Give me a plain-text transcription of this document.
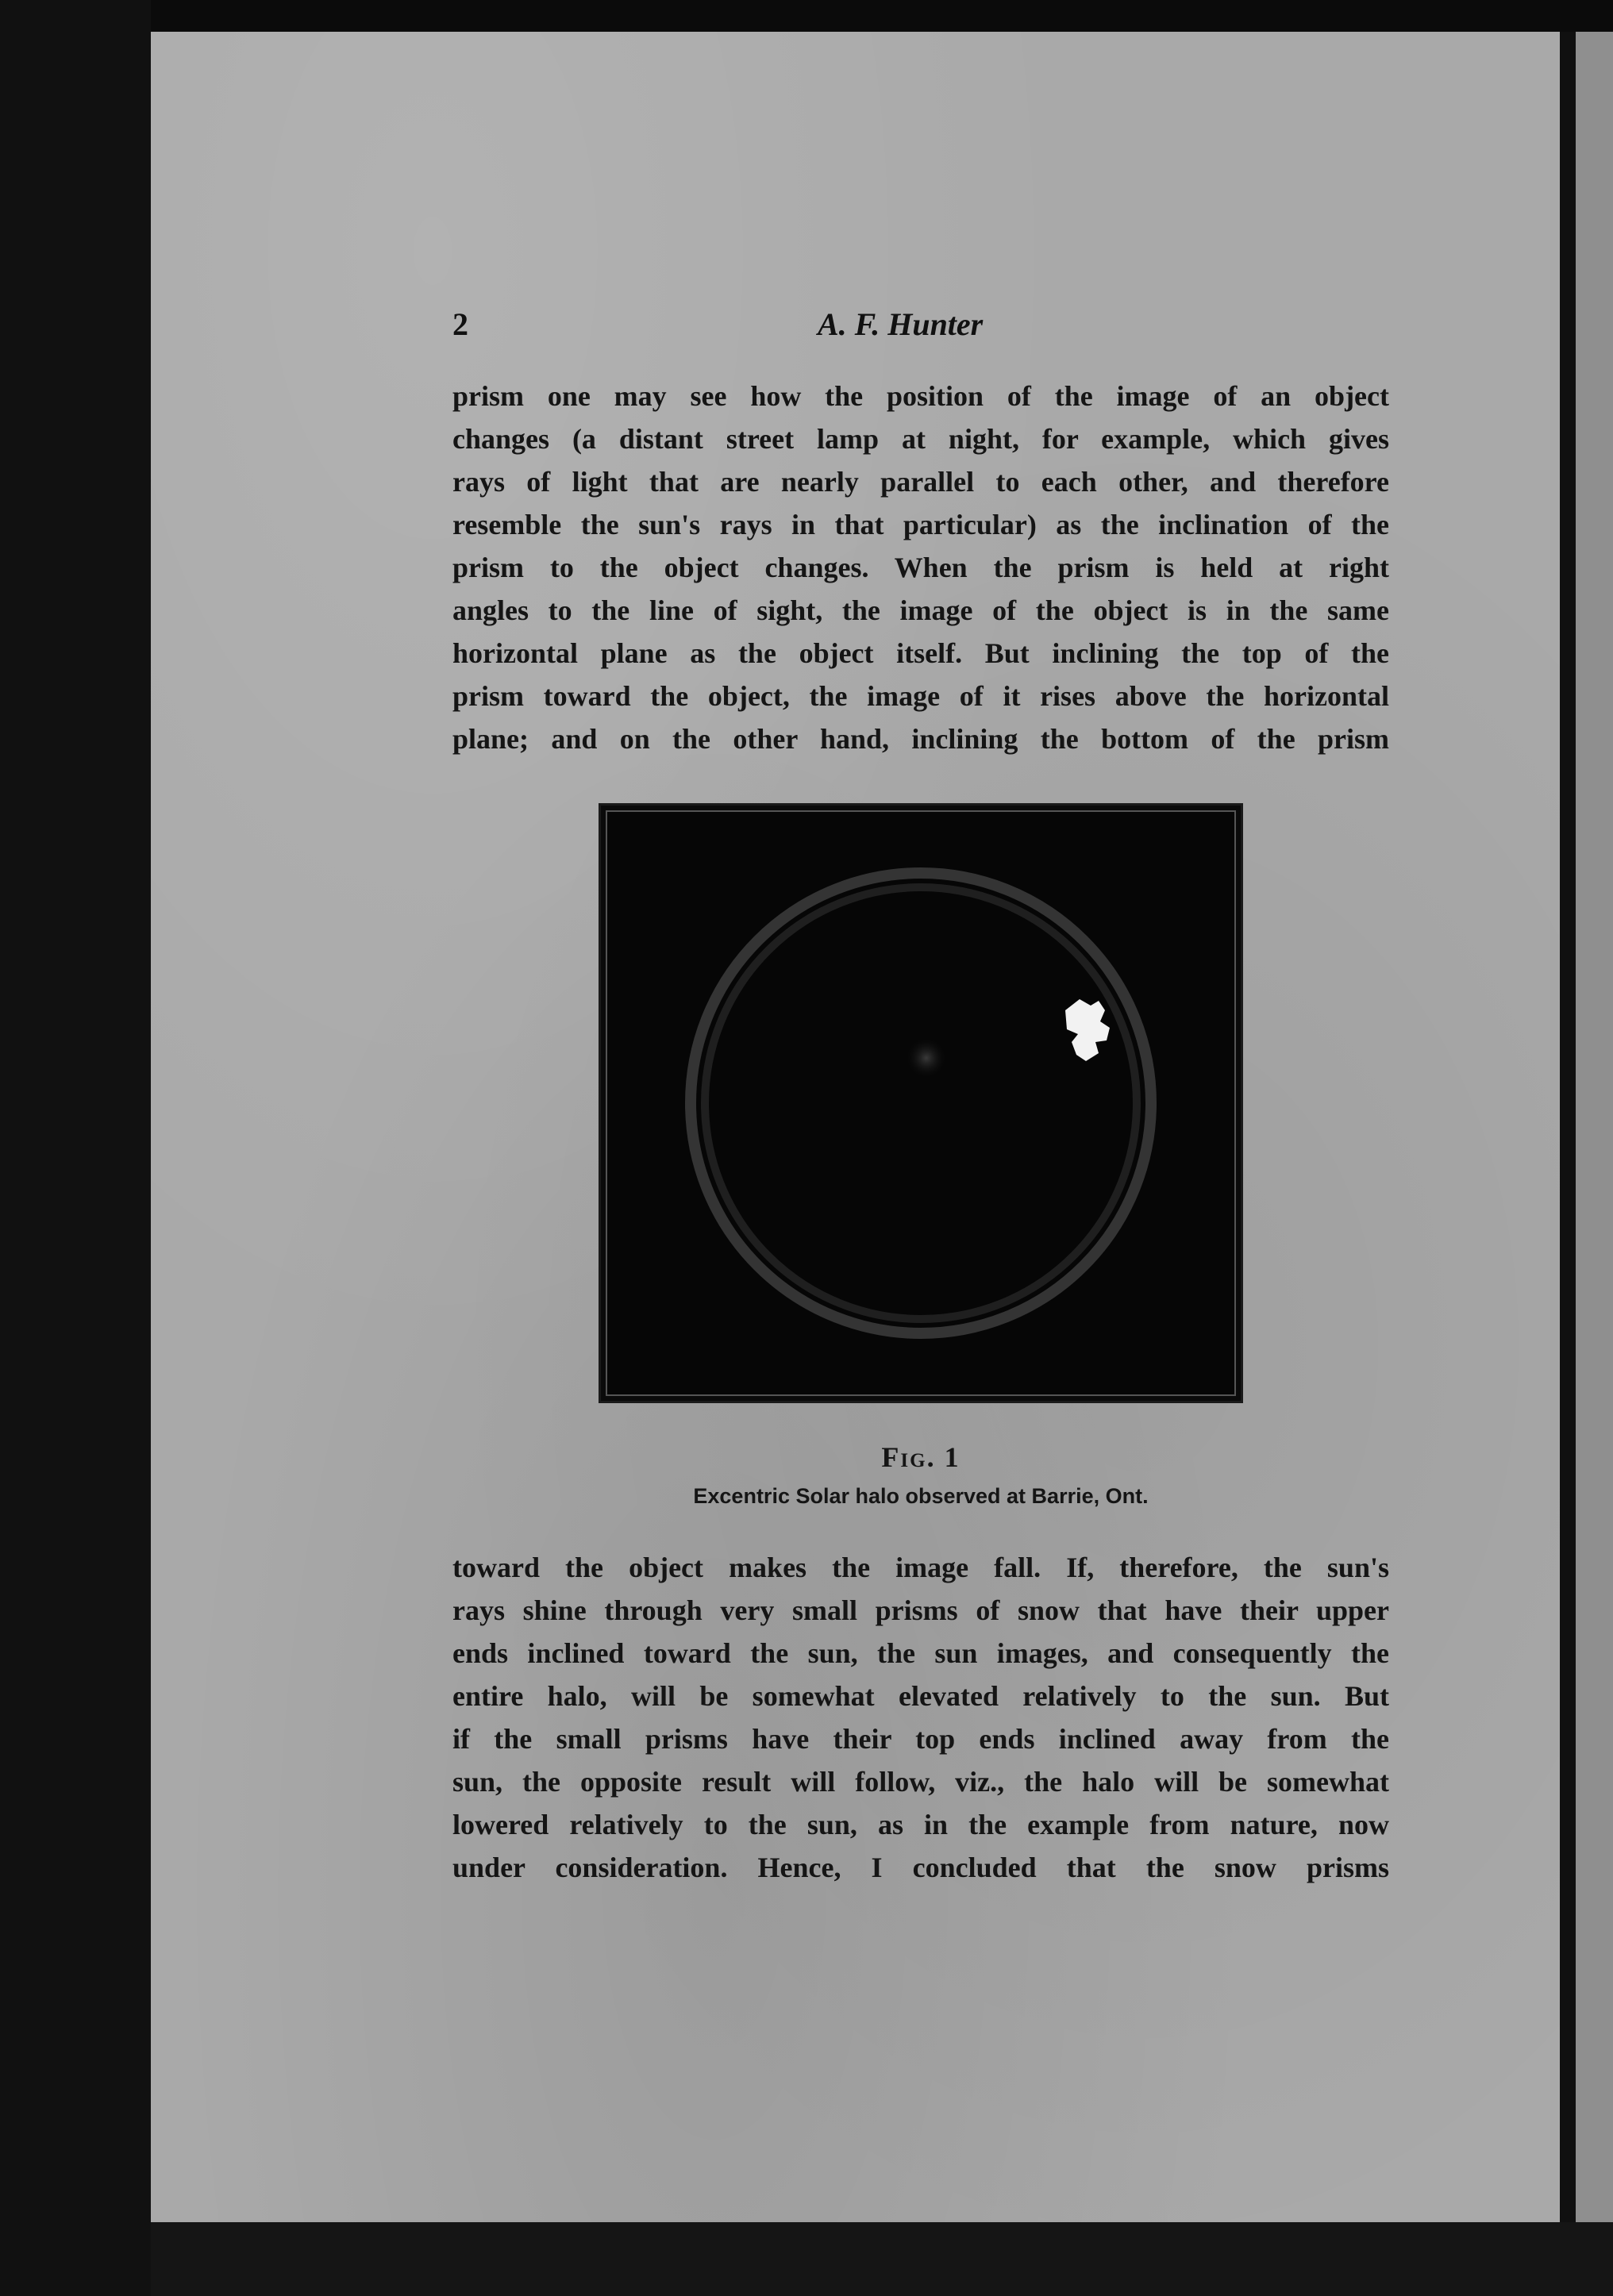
2	A. F. Hunter
prism one may see how the position of the image of an object
changes (a distant street lamp at night, for example, which gives
rays of light that are nearly parallel to each other, and therefore
resemble the sun's rays in that particular) as the inclination of the
prism to the object changes. When the prism is held at right
angles to the line of sight, the image of the object is in the same
horizontal plane as the object itself. But inclining the top of the
prism toward the object, the image of it rises above the horizontal
plane; and on the other hand, inclining the bottom of the prism
Fig. 1
Excentric Solar halo observed at Barrie, Ont.
toward the object makes the image fall. If, therefore, the sun's
rays shine through very small prisms of snow that have their upper
ends inclined toward the sun, the sun images, and consequently the
entire halo, will be somewhat elevated relatively to the sun. But
if the small prisms have their top ends inclined away from the
sun, the opposite result will follow, viz., the halo will be somewhat
lowered relatively to the sun, as in the example from nature, now
under consideration. Hence, I concluded that the snow prisms
